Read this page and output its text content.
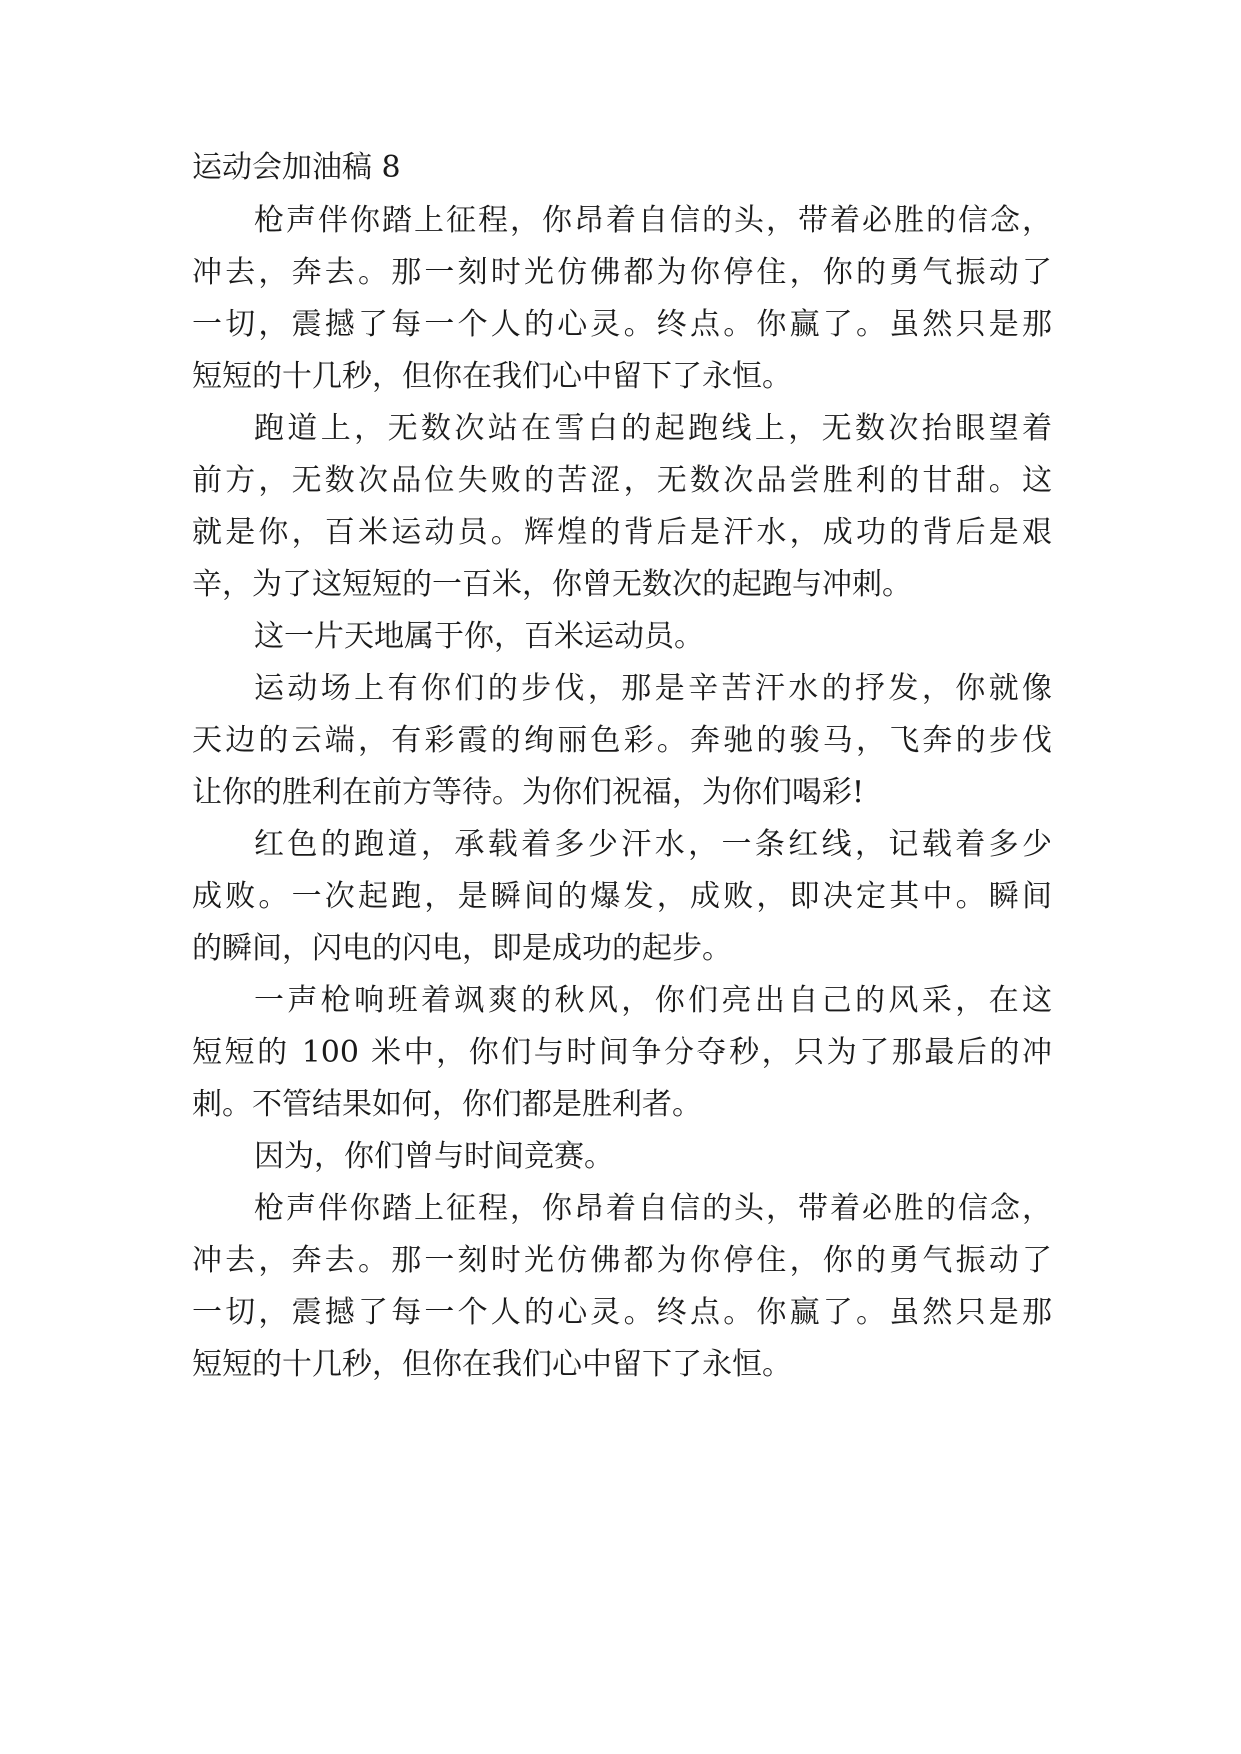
运动会加油稿 8
枪声伴你踏上征程，你昂着自信的头，带着必胜的信念，
冲去，奔去。那一刻时光仿佛都为你停住，你的勇气振动了
一切，震撼了每一个人的心灵。终点。你赢了。虽然只是那
短短的十几秒，但你在我们心中留下了永恒。
跑道上，无数次站在雪白的起跑线上，无数次抬眼望着
前方，无数次品位失败的苦涩，无数次品尝胜利的甘甜。这
就是你，百米运动员。辉煌的背后是汗水，成功的背后是艰
辛，为了这短短的一百米，你曾无数次的起跑与冲刺。
这一片天地属于你，百米运动员。
运动场上有你们的步伐，那是辛苦汗水的抒发，你就像
天边的云端，有彩霞的绚丽色彩。奔驰的骏马，飞奔的步伐
让你的胜利在前方等待。为你们祝福，为你们喝彩!
红色的跑道，承载着多少汗水，一条红线，记载着多少
成败。一次起跑，是瞬间的爆发，成败，即决定其中。瞬间
的瞬间，闪电的闪电，即是成功的起步。
一声枪响班着飒爽的秋风，你们亮出自己的风采，在这
短短的 100 米中，你们与时间争分夺秒，只为了那最后的冲
刺。不管结果如何，你们都是胜利者。
因为，你们曾与时间竞赛。
枪声伴你踏上征程，你昂着自信的头，带着必胜的信念，
冲去，奔去。那一刻时光仿佛都为你停住，你的勇气振动了
一切，震撼了每一个人的心灵。终点。你赢了。虽然只是那
短短的十几秒，但你在我们心中留下了永恒。
